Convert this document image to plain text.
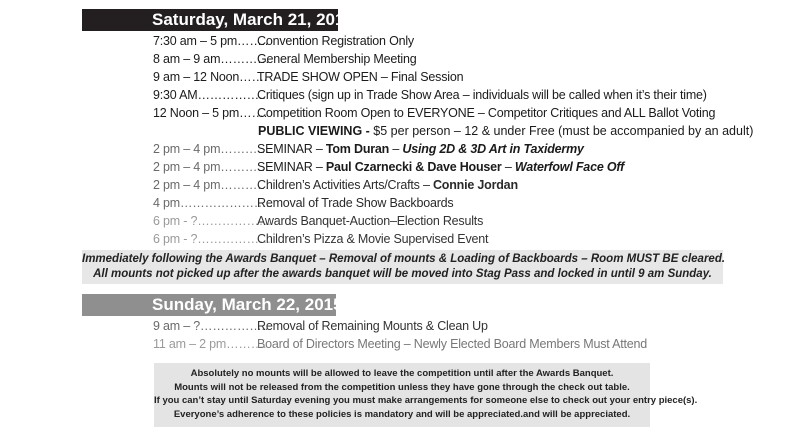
Saturday, March 21, 2015
7:30 am – 5 pm……..Convention Registration Only
8 am – 9 am…………General Membership Meeting
9 am – 12 Noon…….TRADE SHOW OPEN – Final Session
9:30 AM……………..Critiques (sign up in Trade Show Area – individuals will be called when it’s their time)
12 Noon – 5 pm…….Competition Room Open to EVERYONE – Competitor Critiques and ALL Ballot Voting
PUBLIC VIEWING - $5 per person – 12 & under Free (must be accompanied by an adult)
2 pm – 4 pm…………SEMINAR – Tom Duran – Using 2D & 3D Art in Taxidermy
2 pm – 4 pm…………SEMINAR – Paul Czarnecki & Dave Houser – Waterfowl Face Off
2 pm – 4 pm…………Children’s Activities Arts/Crafts – Connie Jordan
4 pm…………………..Removal of Trade Show Backboards
6 pm - ?………………Awards Banquet-Auction–Election Results
6 pm - ?………………Children’s Pizza & Movie Supervised Event
Immediately following the Awards Banquet – Removal of mounts & Loading of Backboards – Room MUST BE cleared.
All mounts not picked up after the awards banquet will be moved into Stag Pass and locked in until 9 am Sunday.
Sunday, March 22, 2015
9 am – ?……………..Removal of Remaining Mounts & Clean Up
11 am – 2 pm……….Board of Directors Meeting – Newly Elected Board Members Must Attend
Absolutely no mounts will be allowed to leave the competition until after the Awards Banquet.
Mounts will not be released from the competition unless they have gone through the check out table.
If you can’t stay until Saturday evening you must make arrangements for someone else to check out your entry piece(s).
Everyone’s adherence to these policies is mandatory and will be appreciated.and will be appreciated.
